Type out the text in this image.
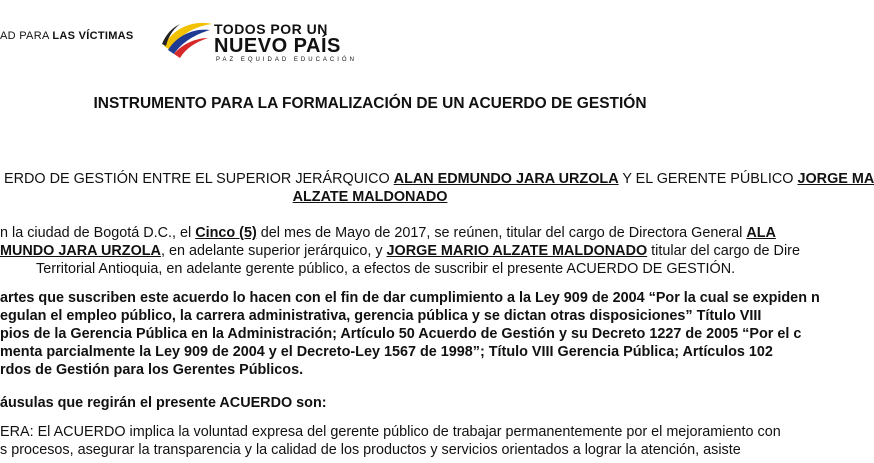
AD PARA LAS VÍCTIMAS	TODOS POR UN
NUEVO PAÍS
PAZ EQUIDAD EDUCACIÓN
INSTRUMENTO PARA LA FORMALIZACIÓN DE UN ACUERDO DE GESTIÓN
ERDO DE GESTIÓN ENTRE EL SUPERIOR JERÁRQUICO ALAN EDMUNDO JARA URZOLA Y EL GERENTE PÚBLICO JORGE MA
ALZATE MALDONADO
n la ciudad de Bogotá D.C., el Cinco (5) del mes de Mayo de 2017, se reúnen, titular del cargo de Directora General ALA
MUNDO JARA URZOLA, en adelante superior jerárquico, y JORGE MARIO ALZATE MALDONADO titular del cargo de Dire
Territorial Antioquia, en adelante gerente público, a efectos de suscribir el presente ACUERDO DE GESTIÓN.
artes que suscriben este acuerdo lo hacen con el fin de dar cumplimiento a la Ley 909 de 2004 “Por la cual se expiden n
egulan el empleo público, la carrera administrativa, gerencia pública y se dictan otras disposiciones” Título VIII
pios de la Gerencia Pública en la Administración; Artículo 50 Acuerdo de Gestión y su Decreto 1227 de 2005 “Por el c
menta parcialmente la Ley 909 de 2004 y el Decreto-Ley 1567 de 1998”; Título VIII Gerencia Pública; Artículos 102
rdos de Gestión para los Gerentes Públicos.
áusulas que regirán el presente ACUERDO son:
ERA: El ACUERDO implica la voluntad expresa del gerente público de trabajar permanentemente por el mejoramiento con
s procesos, asegurar la transparencia y la calidad de los productos y servicios orientados a lograr la atención, asiste
